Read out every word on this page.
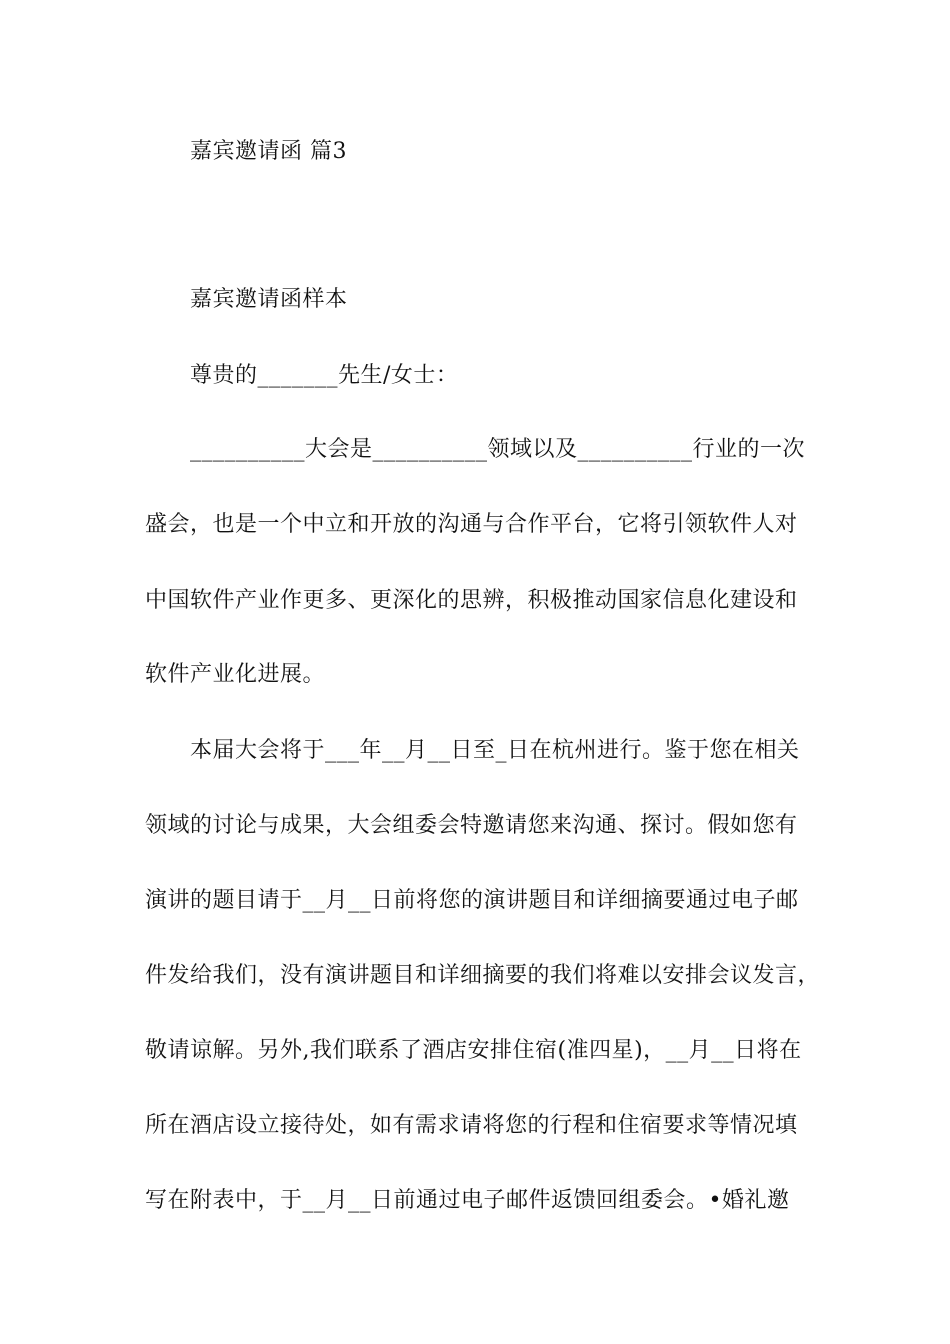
嘉宾邀请函 篇3
嘉宾邀请函样本
尊贵的_______先生/女士：
__________大会是__________领域以及__________行业的一次
盛会，也是一个中立和开放的沟通与合作平台，它将引领软件人对
中国软件产业作更多、更深化的思辨，积极推动国家信息化建设和
软件产业化进展。
本届大会将于___年__月__日至_日在杭州进行。鉴于您在相关
领域的讨论与成果，大会组委会特邀请您来沟通、探讨。假如您有
演讲的题目请于__月__日前将您的演讲题目和详细摘要通过电子邮
件发给我们，没有演讲题目和详细摘要的我们将难以安排会议发言，
敬请谅解。另外,我们联系了酒店安排住宿(准四星)，__月__日将在
所在酒店设立接待处，如有需求请将您的行程和住宿要求等情况填
写在附表中，于__月__日前通过电子邮件返馈回组委会。•婚礼邀
